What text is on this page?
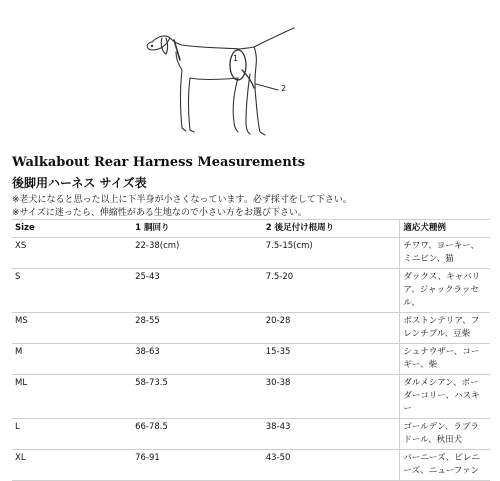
1
2
Walkabout Rear Harness Measurements
後脚用ハーネス サイズ表
※老犬になると思った以上に下半身が小さくなっています。必ず採寸をして下さい。
※サイズに迷ったら、伸縮性がある生地なので小さい方をお選び下さい。
Size	1 胴回り	2 後足付け根周り	適応犬種例
XS	22-38(cm)	7.5-15(cm)	チワワ、ヨーキー、ミニピン、猫
S	25-43	7.5-20	ダックス、キャバリア、ジャックラッセル、
MS	28-55	20-28	ボストンテリア、フレンチブル、豆柴
M	38-63	15-35	シュナウザー、コーギー、柴
ML	58-73.5	30-38	ダルメシアン、ボーダーコリー、ハスキー
L	66-78.5	38-43	ゴールデン、ラブラドール、秋田犬
XL	76-91	43-50	バーニーズ、ピレニーズ、ニューファン
